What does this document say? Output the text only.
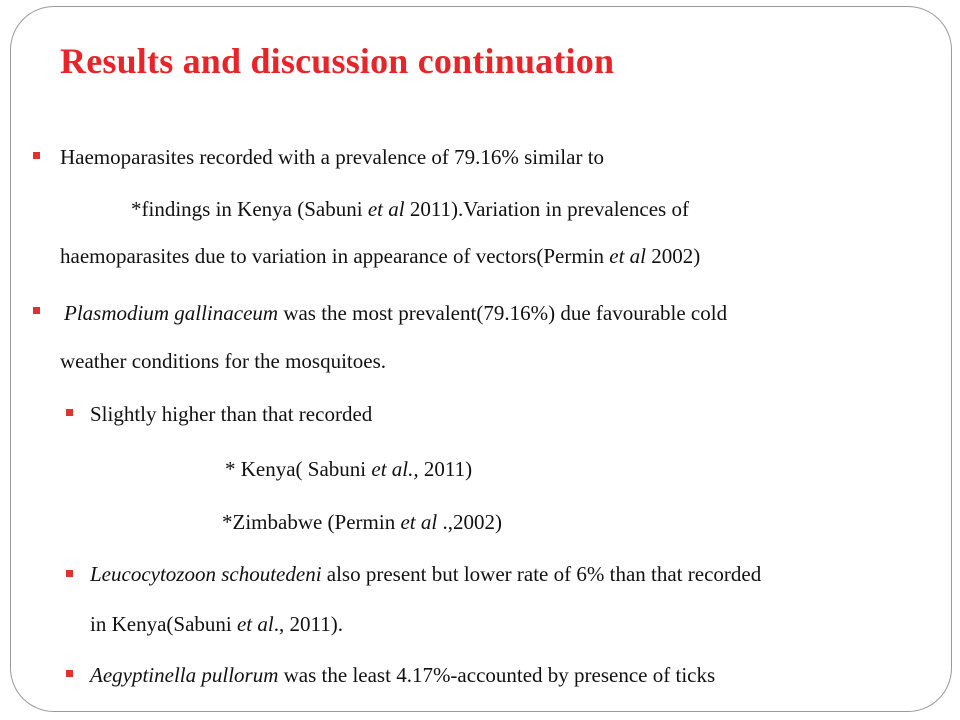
Results and discussion continuation
Haemoparasites recorded with a prevalence of 79.16% similar to
*findings in Kenya (Sabuni et al 2011).Variation in prevalences of
haemoparasites due to variation in appearance of vectors(Permin et al 2002)
Plasmodium gallinaceum was the most prevalent(79.16%) due favourable cold
weather conditions for the mosquitoes.
Slightly higher than that recorded
* Kenya( Sabuni et al., 2011)
*Zimbabwe (Permin et al .,2002)
Leucocytozoon schoutedeni also present but lower rate of 6% than that recorded
in Kenya(Sabuni et al., 2011).
Aegyptinella pullorum was the least 4.17%-accounted by presence of ticks
